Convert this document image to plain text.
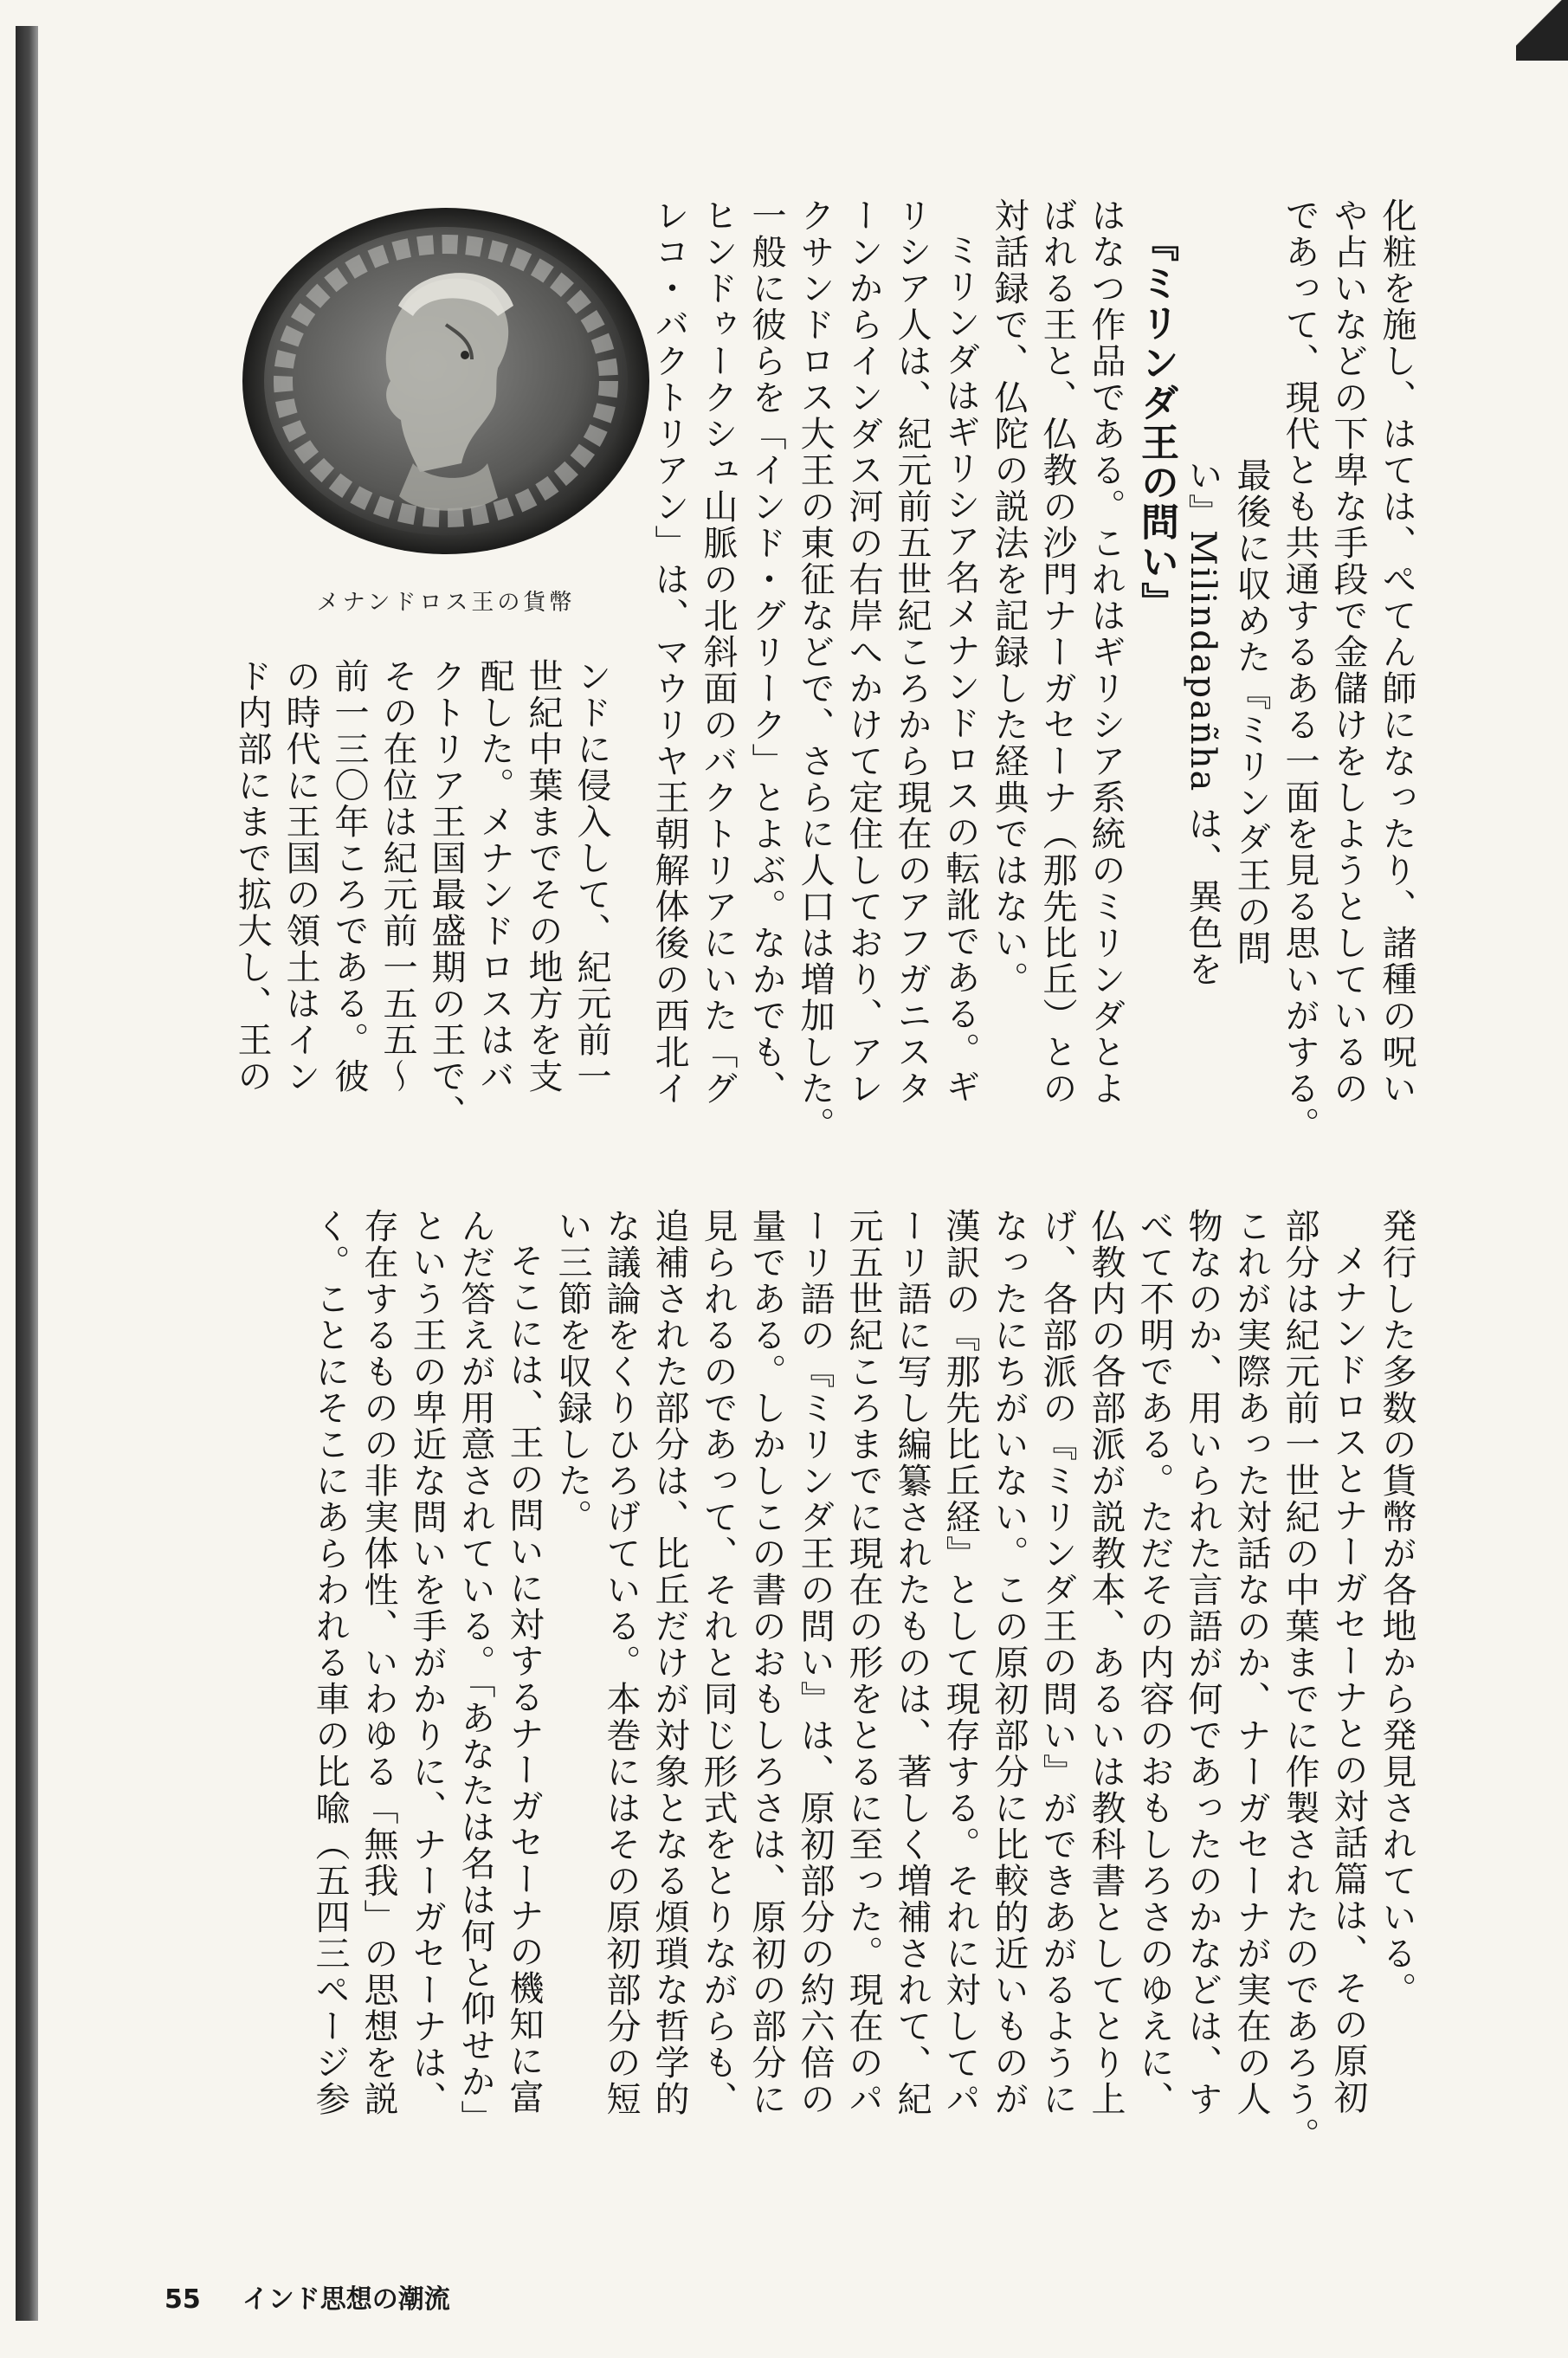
化粧を施し、はては、ぺてん師になったり、諸種の呪い
や占いなどの下卑な手段で金儲けをしようとしているの
であって、現代とも共通するある一面を見る思いがする。
最後に収めた『ミリンダ王の問
い』Milindapañha は、異色を
『ミリンダ王の問い』
はなつ作品である。これはギリシア系統のミリンダとよ
ばれる王と、仏教の沙門ナーガセーナ（那先比丘）との
対話録で、仏陀の説法を記録した経典ではない。
ミリンダはギリシア名メナンドロスの転訛である。ギ
リシア人は、紀元前五世紀ころから現在のアフガニスタ
ーンからインダス河の右岸へかけて定住しており、アレ
クサンドロス大王の東征などで、さらに人口は増加した。
一般に彼らを「インド・グリーク」とよぶ。なかでも、
ヒンドゥークシュ山脈の北斜面のバクトリアにいた「グ
レコ・バクトリアン」は、マウリヤ王朝解体後の西北イ
ンドに侵入して、紀元前一
世紀中葉までその地方を支
配した。メナンドロスはバ
クトリア王国最盛期の王で、
その在位は紀元前一五五〜
前一三〇年ころである。彼
の時代に王国の領土はイン
ド内部にまで拡大し、王の
メナンドロス王の貨幣
発行した多数の貨幣が各地から発見されている。
メナンドロスとナーガセーナとの対話篇は、その原初
部分は紀元前一世紀の中葉までに作製されたのであろう。
これが実際あった対話なのか、ナーガセーナが実在の人
物なのか、用いられた言語が何であったのかなどは、す
べて不明である。ただその内容のおもしろさのゆえに、
仏教内の各部派が説教本、あるいは教科書としてとり上
げ、各部派の『ミリンダ王の問い』ができあがるように
なったにちがいない。この原初部分に比較的近いものが
漢訳の『那先比丘経』として現存する。それに対してパ
ーリ語に写し編纂されたものは、著しく増補されて、紀
元五世紀ころまでに現在の形をとるに至った。現在のパ
ーリ語の『ミリンダ王の問い』は、原初部分の約六倍の
量である。しかしこの書のおもしろさは、原初の部分に
見られるのであって、それと同じ形式をとりながらも、
追補された部分は、比丘だけが対象となる煩瑣な哲学的
な議論をくりひろげている。本巻にはその原初部分の短
い三節を収録した。
そこには、王の問いに対するナーガセーナの機知に富
んだ答えが用意されている。「あなたは名は何と仰せか」
という王の卑近な問いを手がかりに、ナーガセーナは、
存在するものの非実体性、いわゆる「無我」の思想を説
く。ことにそこにあらわれる車の比喩（五四三ページ参
55 インド思想の潮流
